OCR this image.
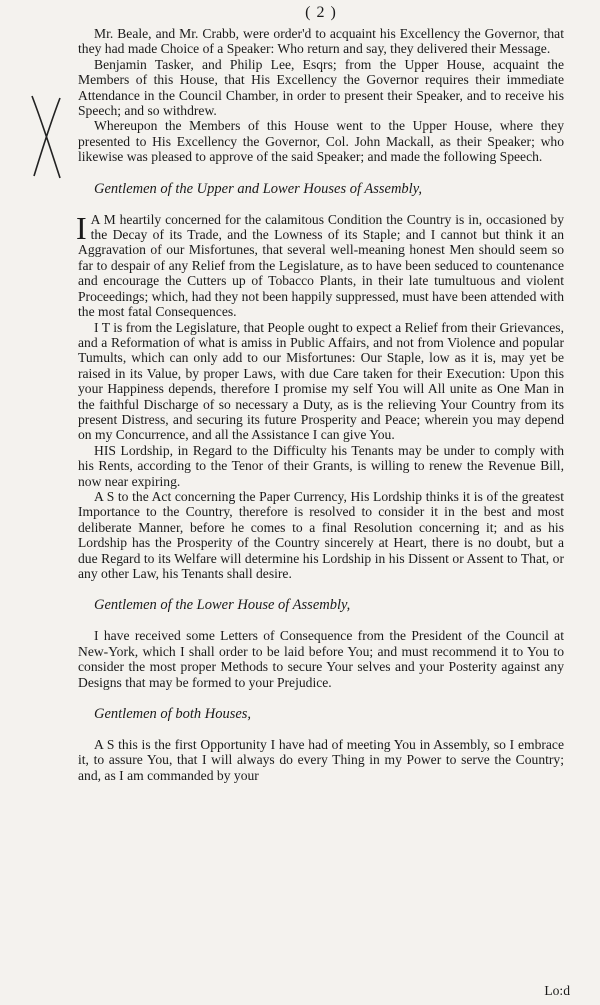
( 2 )

Mr. Beale, and Mr. Crabb, were order'd to acquaint his Excellency the Governor, that they had made Choice of a Speaker: Who return and say, they delivered their Message.

Benjamin Tasker, and Philip Lee, Esqrs; from the Upper House, acquaint the Members of this House, that His Excellency the Governor requires their immediate Attendance in the Council Chamber, in order to present their Speaker, and to receive his Speech; and so withdrew.

Whereupon the Members of this House went to the Upper House, where they presented to His Excellency the Governor, Col. John Mackall, as their Speaker; who likewise was pleased to approve of the said Speaker; and made the following Speech.

Gentlemen of the Upper and Lower Houses of Assembly,

I A M heartily concerned for the calamitous Condition the Country is in, occasioned by the Decay of its Trade, and the Lowness of its Staple; and I cannot but think it an Aggravation of our Misfortunes, that several well-meaning honest Men should seem so far to despair of any Relief from the Legislature, as to have been seduced to countenance and encourage the Cutters up of Tobacco Plants, in their late tumultuous and violent Proceedings; which, had they not been happily suppressed, must have been attended with the most fatal Consequences.

I T is from the Legislature, that People ought to expect a Relief from their Grievances, and a Reformation of what is amiss in Public Affairs, and not from Violence and popular Tumults, which can only add to our Misfortunes: Our Staple, low as it is, may yet be raised in its Value, by proper Laws, with due Care taken for their Execution: Upon this your Happiness depends, therefore I promise my self You will All unite as One Man in the faithful Discharge of so necessary a Duty, as is the relieving Your Country from its present Distress, and securing its future Prosperity and Peace; wherein you may depend on my Concurrence, and all the Assistance I can give You.

HIS Lordship, in Regard to the Difficulty his Tenants may be under to comply with his Rents, according to the Tenor of their Grants, is willing to renew the Revenue Bill, now near expiring.

A S to the Act concerning the Paper Currency, His Lordship thinks it is of the greatest Importance to the Country, therefore is resolved to consider it in the best and most deliberate Manner, before he comes to a final Resolution concerning it; and as his Lordship has the Prosperity of the Country sincerely at Heart, there is no doubt, but a due Regard to its Welfare will determine his Lordship in his Dissent or Assent to That, or any other Law, his Tenants shall desire.

Gentlemen of the Lower House of Assembly,

I have received some Letters of Consequence from the President of the Council at New-York, which I shall order to be laid before You; and must recommend it to You to consider the most proper Methods to secure Your selves and your Posterity against any Designs that may be formed to your Prejudice.

Gentlemen of both Houses,

A S this is the first Opportunity I have had of meeting You in Assembly, so I embrace it, to assure You, that I will always do every Thing in my Power to serve the Country; and, as I am commanded by your

Lo:d
